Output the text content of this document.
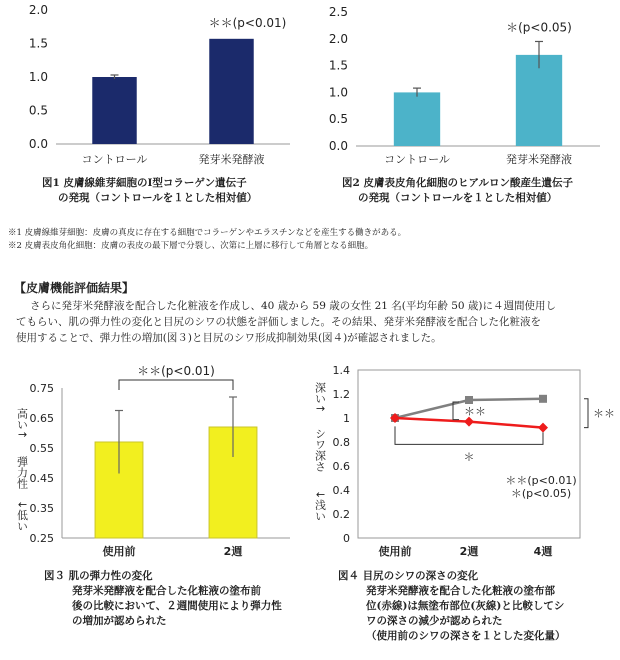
0.0
0.5
1.0
1.5
2.0
コントロール	発芽米発酵液
＊＊(p<0.01)
図1 皮膚線維芽細胞のⅠ型コラーゲン遺伝子
の発現（コントロールを１とした相対値）
0.0
0.5
1.0
1.5
2.0
2.5
コントロール	発芽米発酵液
＊(p<0.05)
図2 皮膚表皮角化細胞のヒアルロン酸産生遺伝子
の発現（コントロールを１とした相対値）
※1 皮膚線維芽細胞：皮膚の真皮に存在する細胞でコラーゲンやエラスチンなどを産生する働きがある。
※2 皮膚表皮角化細胞：皮膚の表皮の最下層で分裂し、次第に上層に移行して角層となる細胞。
【皮膚機能評価結果】
さらに発芽米発酵液を配合した化粧液を作成し、40 歳から 59 歳の女性 21 名(平均年齢 50 歳)に４週間使用し
てもらい、肌の弾力性の変化と目尻のシワの状態を評価しました。その結果、発芽米発酵液を配合した化粧液を
使用することで、弾力性の増加(図３)と目尻のシワ形成抑制効果(図４)が確認されました。
0.25
0.35
0.45
0.55
0.65
0.75
使用前	2週
＊＊(p<0.01)
高い↑
弾力性
↓低い
図３ 肌の弾力性の変化
発芽米発酵液を配合した化粧液の塗布前
後の比較において、２週間使用により弾力性
の増加が認められた
0
0.2
0.4
0.6
0.8
1
1.2
1.4
使用前	2週	4週
＊＊	＊＊
＊
＊＊(p<0.01)
＊(p<0.05)
深い↑
シワ深さ
↓浅い
図４ 目尻のシワの深さの変化
発芽米発酵液を配合した化粧液の塗布部
位(赤線)は無塗布部位(灰線)と比較してシ
ワの深さの減少が認められた
（使用前のシワの深さを１とした変化量）
